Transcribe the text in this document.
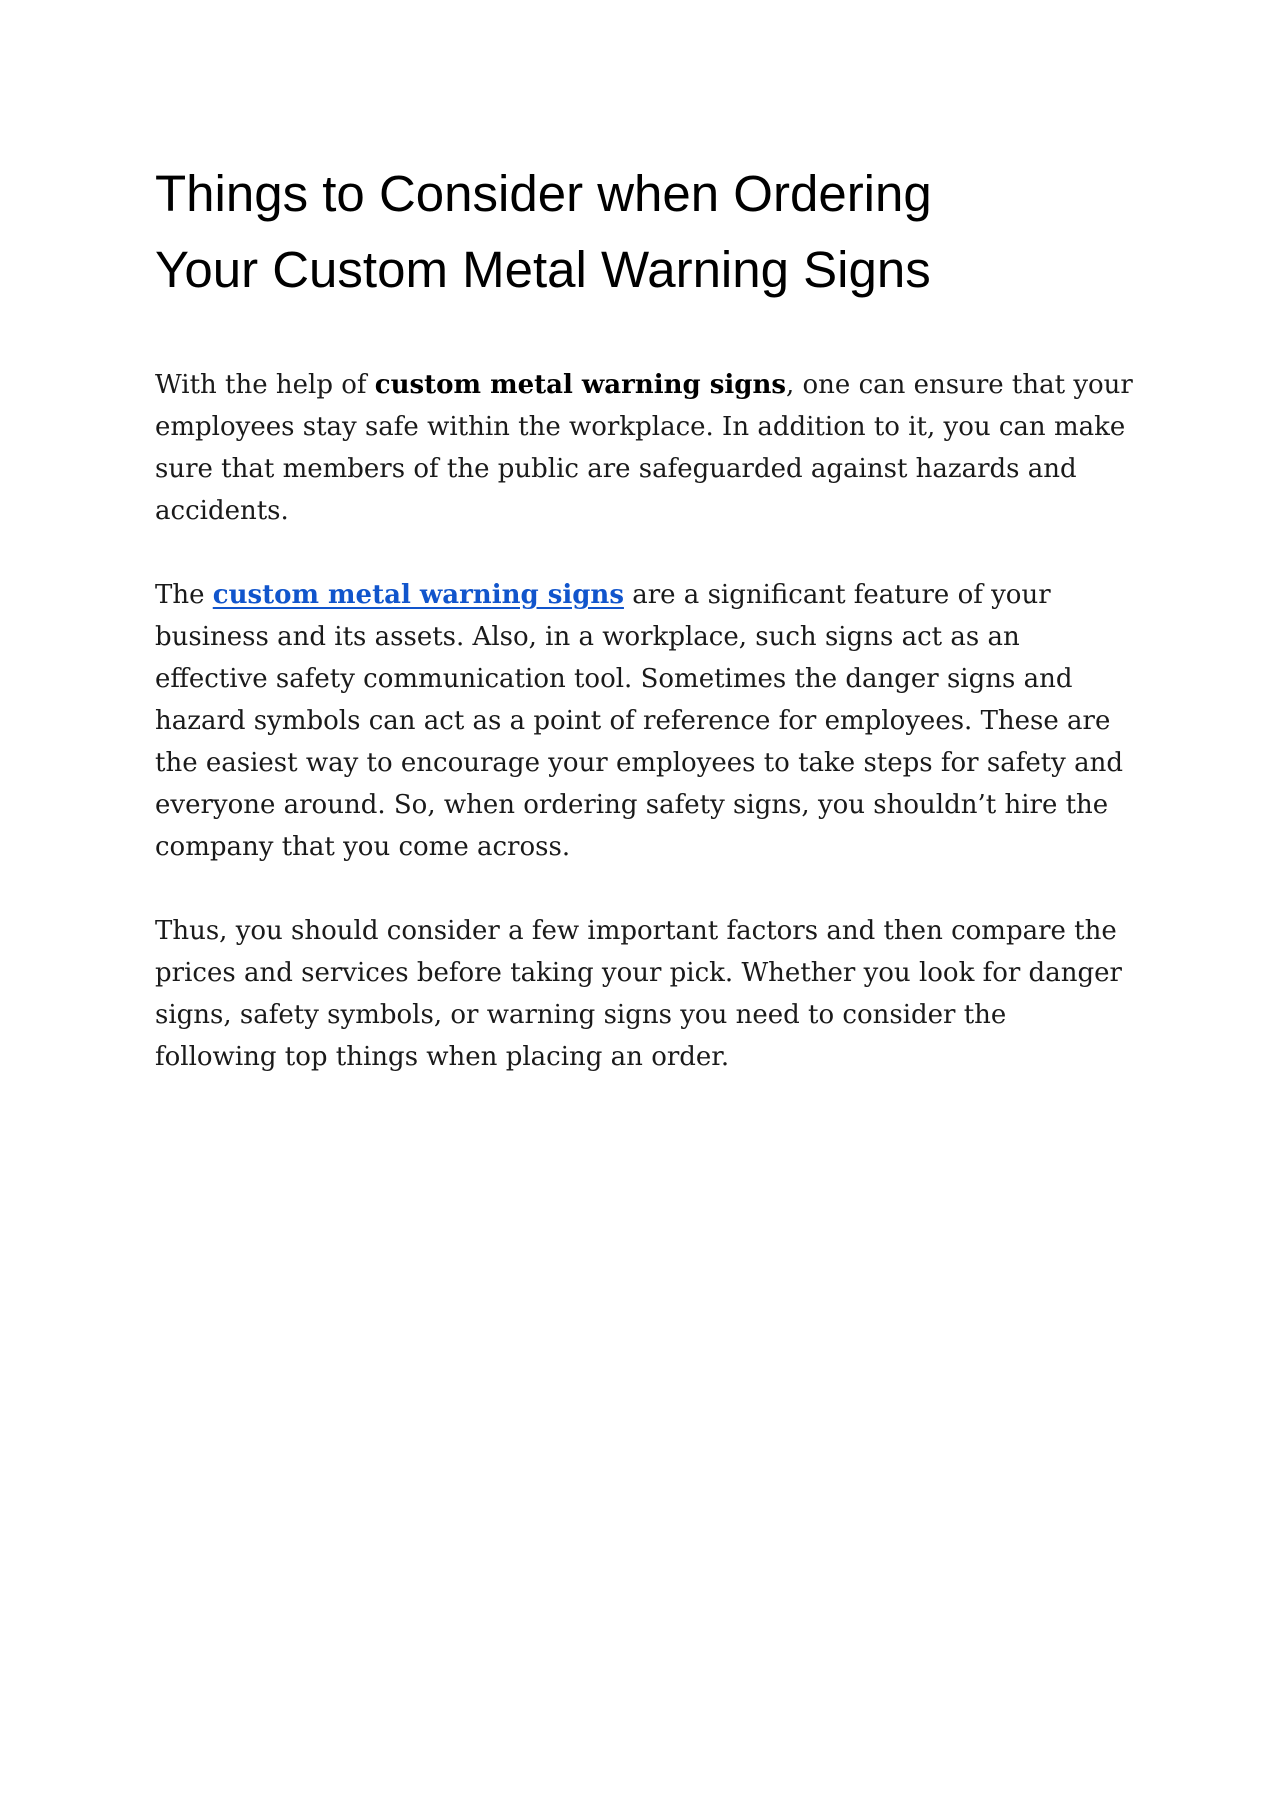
Things to Consider when Ordering
Your Custom Metal Warning Signs

With the help of custom metal warning signs, one can ensure that your employees stay safe within the workplace. In addition to it, you can make sure that members of the public are safeguarded against hazards and accidents.

The custom metal warning signs are a significant feature of your business and its assets. Also, in a workplace, such signs act as an effective safety communication tool. Sometimes the danger signs and hazard symbols can act as a point of reference for employees. These are the easiest way to encourage your employees to take steps for safety and everyone around. So, when ordering safety signs, you shouldn’t hire the company that you come across.

Thus, you should consider a few important factors and then compare the prices and services before taking your pick. Whether you look for danger signs, safety symbols, or warning signs you need to consider the following top things when placing an order.
